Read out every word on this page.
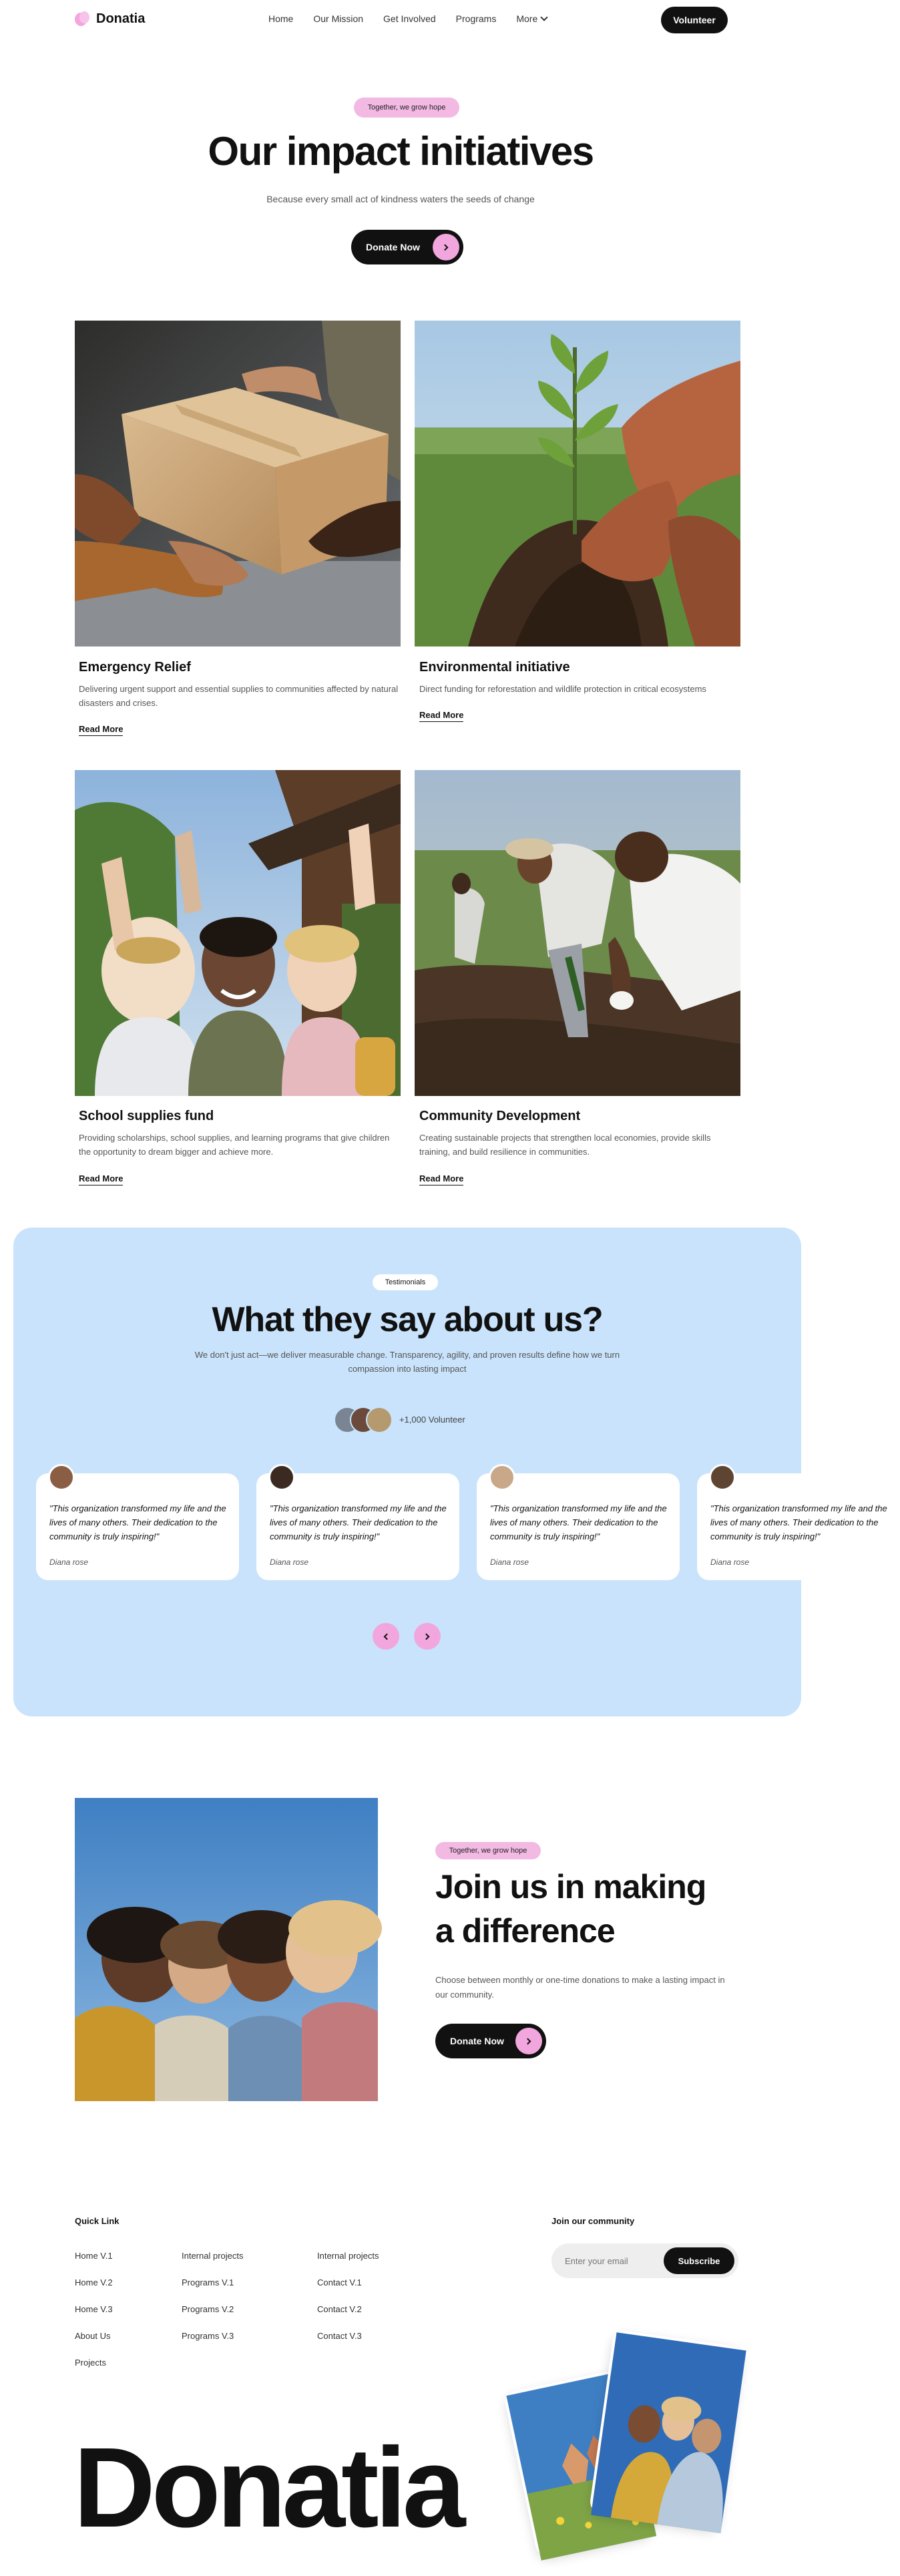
Donatia	Home Our Mission Get Involved Programs More	Volunteer
Together, we grow hope
Our impact initiatives
Because every small act of kindness waters the seeds of change
Donate Now
Emergency Relief
Delivering urgent support and essential supplies to communities affected by natural disasters and crises.
Read More
Environmental initiative
Direct funding for reforestation and wildlife protection in critical ecosystems
Read More
School supplies fund
Providing scholarships, school supplies, and learning programs that give children the opportunity to dream bigger and achieve more.
Read More
Community Development
Creating sustainable projects that strengthen local economies, provide skills training, and build resilience in communities.
Read More
Testimonials
What they say about us?
We don't just act—we deliver measurable change. Transparency, agility, and proven results define how we turn compassion into lasting impact
+1,000 Volunteer
"This organization transformed my life and the lives of many others. Their dedication to the community is truly inspiring!"
Diana rose
"This organization transformed my life and the lives of many others. Their dedication to the community is truly inspiring!"
Diana rose
"This organization transformed my life and the lives of many others. Their dedication to the community is truly inspiring!"
Diana rose
"This organization transformed my life and the lives of many others. Their dedication to the community is truly inspiring!"
Diana rose
Together, we grow hope
Join us in making
a difference
Choose between monthly or one-time donations to make a lasting impact in our community.
Donate Now
Quick Link
Home V.1
Home V.2
Home V.3
About Us
Projects
Internal projects
Programs V.1
Programs V.2
Programs V.3
Internal projects
Contact V.1
Contact V.2
Contact V.3
Join our community
Enter your email
Subscribe
Donatia
